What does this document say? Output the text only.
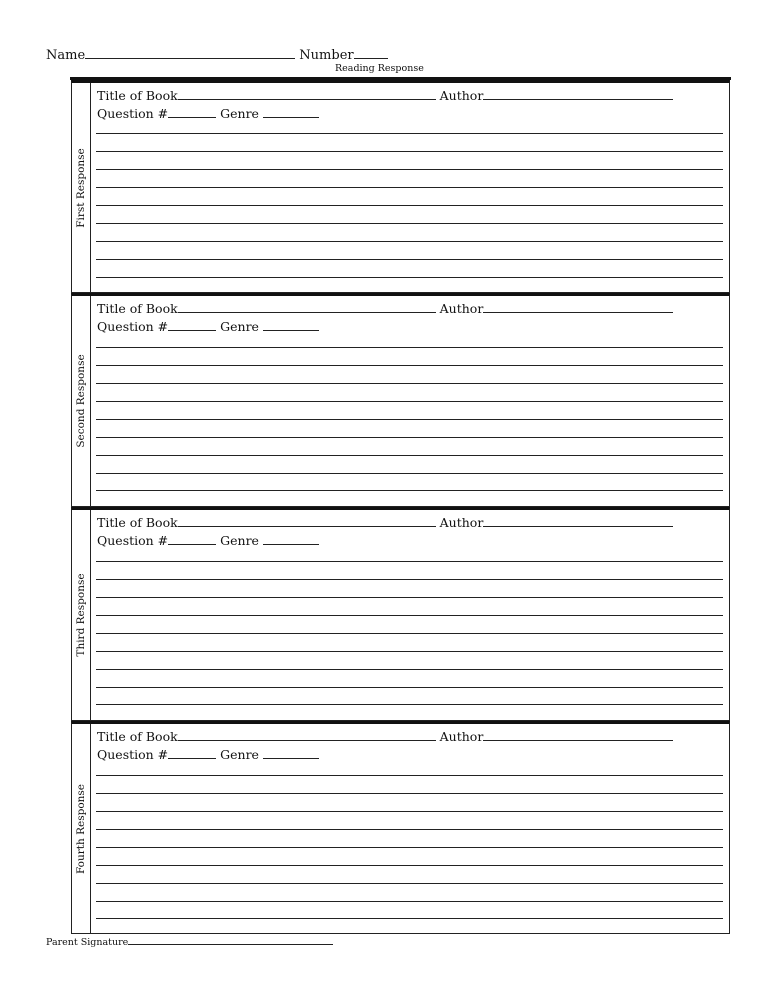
Name	Number
Reading Response
First Response
Title of Book	Author
Question #	Genre
Second Response
Title of Book	Author
Question #	Genre
Third Response
Title of Book	Author
Question #	Genre
Fourth Response
Title of Book	Author
Question #	Genre
Parent Signature
